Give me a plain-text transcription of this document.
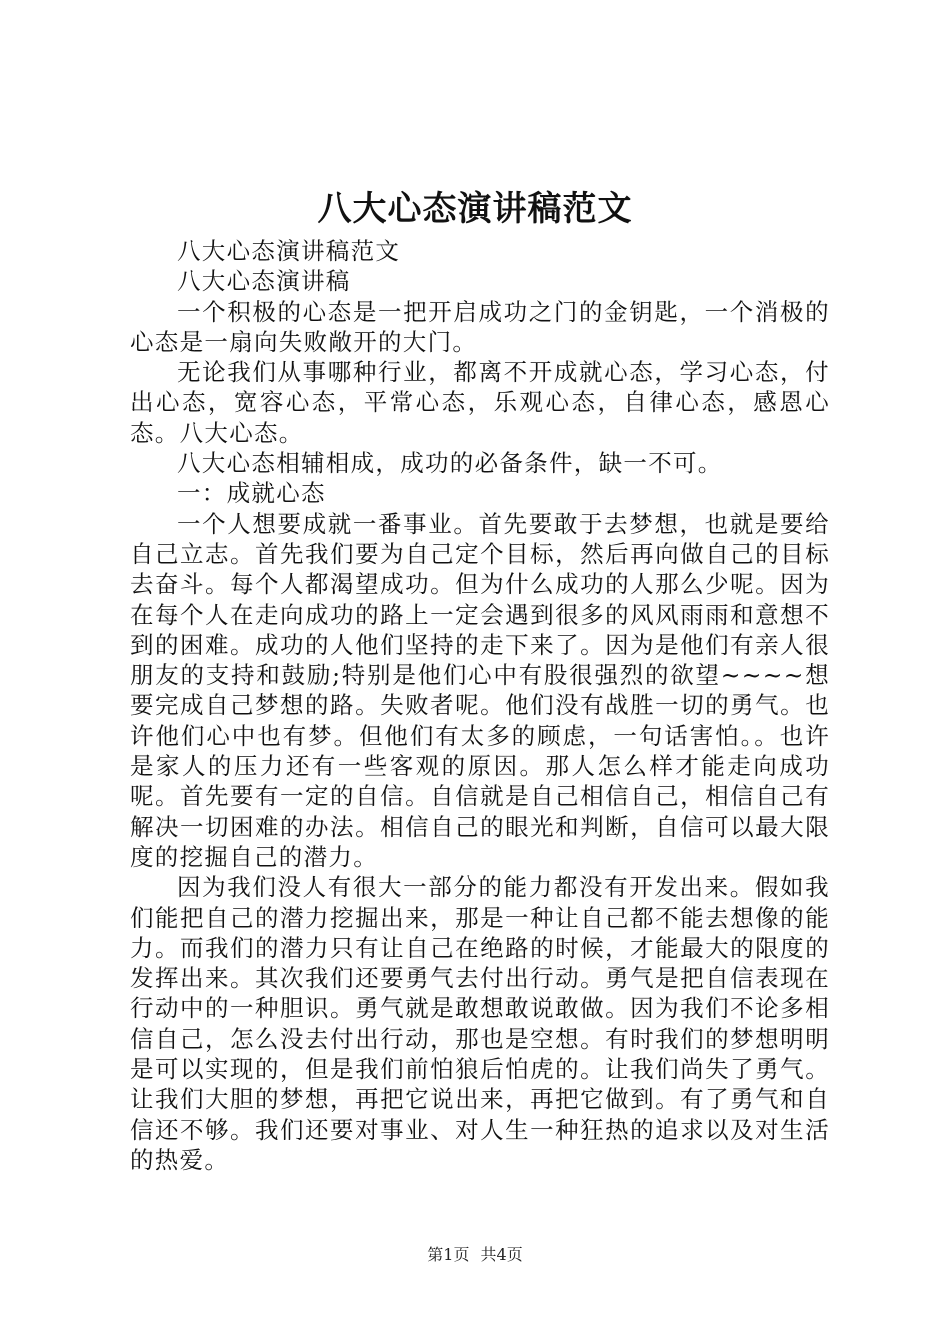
八大心态演讲稿范文

八大心态演讲稿范文

八大心态演讲稿

一个积极的心态是一把开启成功之门的金钥匙，一个消极的心态是一扇向失败敞开的大门。

无论我们从事哪种行业，都离不开成就心态，学习心态，付出心态，宽容心态，平常心态，乐观心态，自律心态，感恩心态。八大心态。

八大心态相辅相成，成功的必备条件，缺一不可。

一：成就心态

一个人想要成就一番事业。首先要敢于去梦想，也就是要给自己立志。首先我们要为自己定个目标，然后再向做自己的目标去奋斗。每个人都渴望成功。但为什么成功的人那么少呢。因为在每个人在走向成功的路上一定会遇到很多的风风雨雨和意想不到的困难。成功的人他们坚持的走下来了。因为是他们有亲人很朋友的支持和鼓励;特别是他们心中有股很强烈的欲望~~~~想要完成自己梦想的路。失败者呢。他们没有战胜一切的勇气。也许他们心中也有梦。但他们有太多的顾虑，一句话害怕。。也许是家人的压力还有一些客观的原因。那人怎么样才能走向成功呢。首先要有一定的自信。自信就是自己相信自己，相信自己有解决一切困难的办法。相信自己的眼光和判断，自信可以最大限度的挖掘自己的潜力。

因为我们没人有很大一部分的能力都没有开发出来。假如我们能把自己的潜力挖掘出来，那是一种让自己都不能去想像的能力。而我们的潜力只有让自己在绝路的时候，才能最大的限度的发挥出来。其次我们还要勇气去付出行动。勇气是把自信表现在行动中的一种胆识。勇气就是敢想敢说敢做。因为我们不论多相信自己，怎么没去付出行动，那也是空想。有时我们的梦想明明是可以实现的，但是我们前怕狼后怕虎的。让我们尚失了勇气。让我们大胆的梦想，再把它说出来，再把它做到。有了勇气和自信还不够。我们还要对事业、对人生一种狂热的追求以及对生活的热爱。

第1页 共4页
